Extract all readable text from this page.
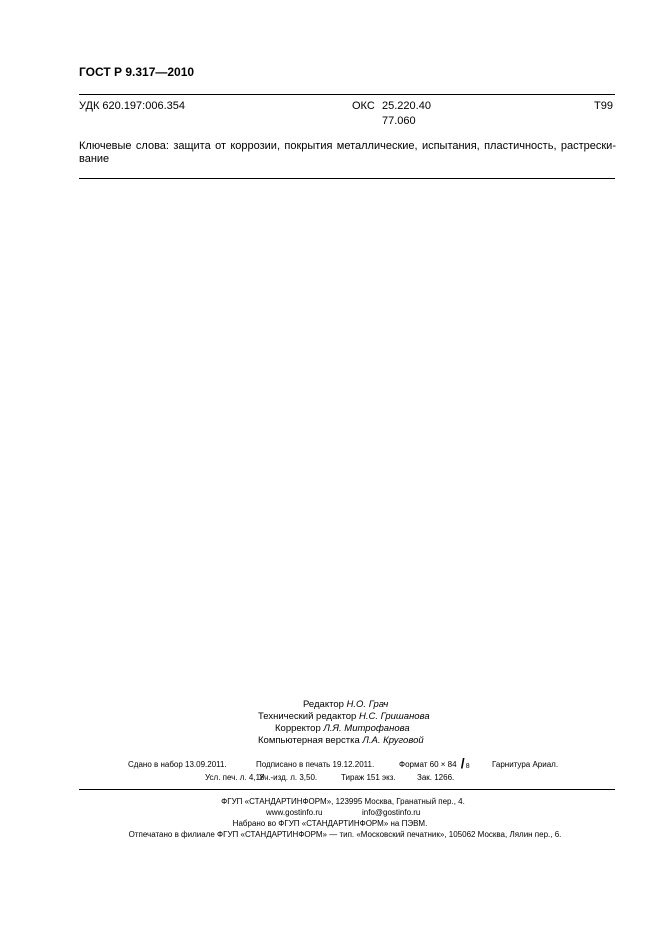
ГОСТ Р 9.317—2010
УДК 620.197:006.354	ОКС 25.220.40
77.060
Т99
Ключевые слова: защита от коррозии, покрытия металлические, испытания, пластичность, растрески-вание
Редактор Н.О. Грач
Технический редактор Н.С. Гришанова
Корректор Л.Я. Митрофанова
Компьютерная верстка Л.А. Круговой
Сдано в набор 13.09.2011.	Подписано в печать 19.12.2011.	Формат 60 × 84 / 8	Гарнитура Ариал.
Усл. печ. л. 4,18.
Уч.-изд. л. 3,50.	Тираж 151 экз.	Зак. 1266.
ФГУП «СТАНДАРТИНФОРМ», 123995 Москва, Гранатный пер., 4.
www.gostinfo.ru	info@gostinfo.ru
Набрано во ФГУП «СТАНДАРТИНФОРМ» на ПЭВМ.
Отпечатано в филиале ФГУП «СТАНДАРТИНФОРМ» — тип. «Московский печатник», 105062 Москва, Лялин пер., 6.
